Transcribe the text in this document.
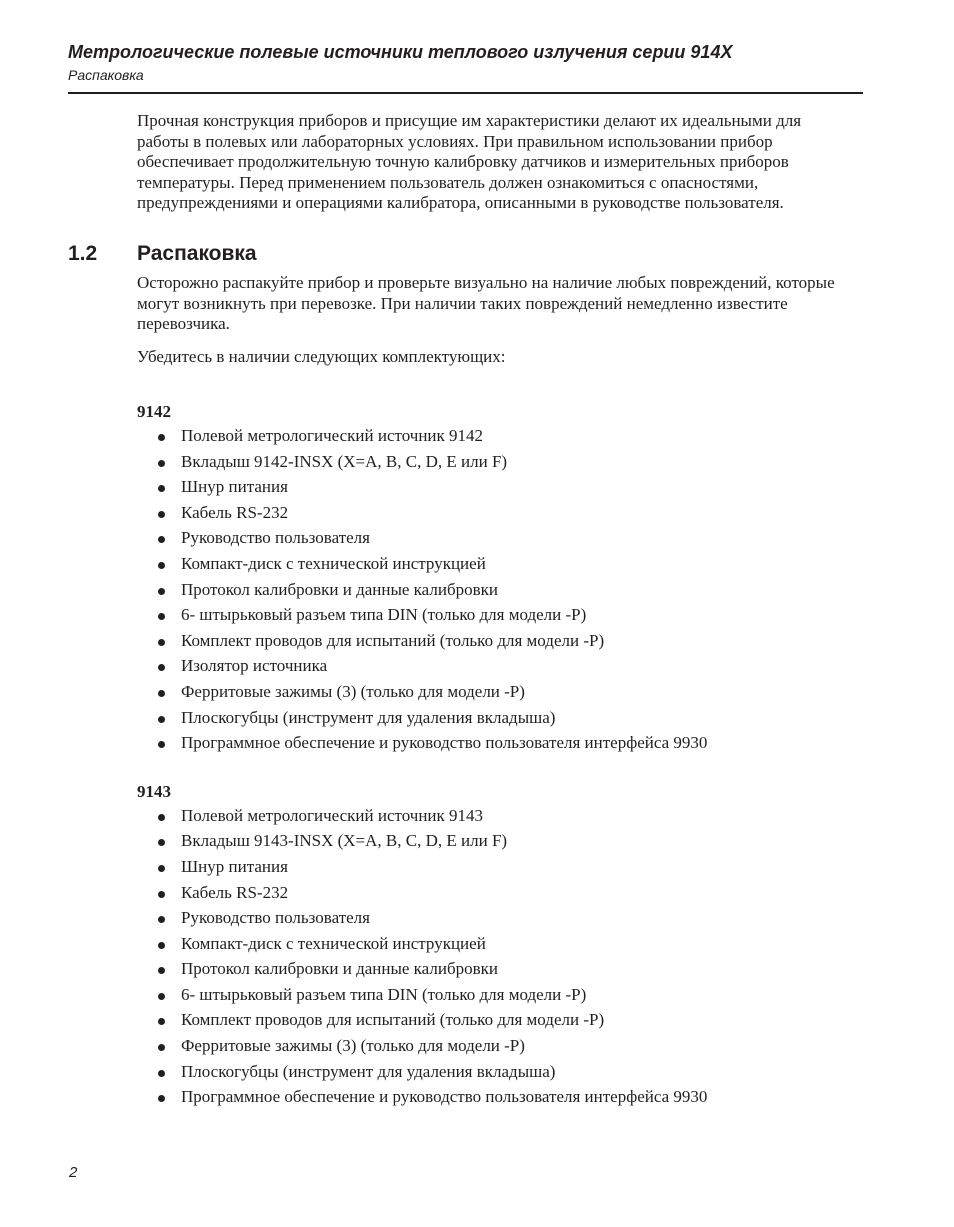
Метрологические полевые источники теплового излучения серии 914X

Распаковка

Прочная конструкция приборов и присущие им характеристики делают их идеальными для работы в полевых или лабораторных условиях. При правильном использовании прибор обеспечивает продолжительную точную калибровку датчиков и измерительных приборов температуры. Перед применением пользователь должен ознакомиться с опасностями, предупреждениями и операциями калибратора, описанными в руководстве пользователя.

1.2	Распаковка

Осторожно распакуйте прибор и проверьте визуально на наличие любых повреждений, которые могут возникнуть при перевозке. При наличии таких повреждений немедленно известите перевозчика.

Убедитесь в наличии следующих комплектующих:

9142

Полевой метрологический источник 9142
Вкладыш 9142-INSX (X=A, B, C, D, E или F)
Шнур питания
Кабель RS-232
Руководство пользователя
Компакт-диск с технической инструкцией
Протокол калибровки и данные калибровки
6- штырьковый разъем типа DIN (только для модели -P)
Комплект проводов для испытаний (только для модели -P)
Изолятор источника
Ферритовые зажимы (3) (только для модели -P)
Плоскогубцы (инструмент для удаления вкладыша)
Программное обеспечение и руководство пользователя интерфейса 9930

9143

Полевой метрологический источник 9143
Вкладыш 9143-INSX (X=A, B, C, D, E или F)
Шнур питания
Кабель RS-232
Руководство пользователя
Компакт-диск с технической инструкцией
Протокол калибровки и данные калибровки
6- штырьковый разъем типа DIN (только для модели -P)
Комплект проводов для испытаний (только для модели -P)
Ферритовые зажимы (3) (только для модели -P)
Плоскогубцы (инструмент для удаления вкладыша)
Программное обеспечение и руководство пользователя интерфейса 9930
2
